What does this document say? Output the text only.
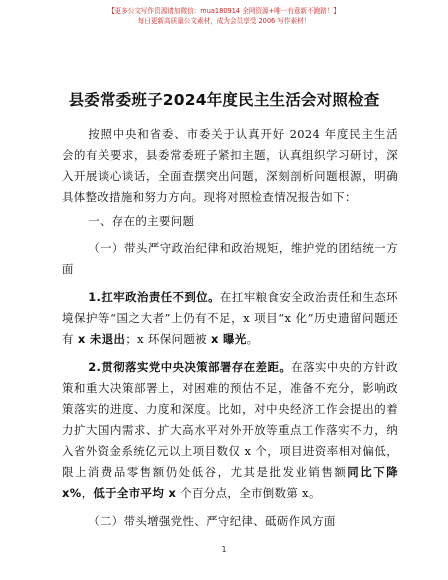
【更多公文写作资源请加微信：mua180914 全网资源+唯一有意新不跑路！】
每日更新高质量公文素材，成为会员享受 2006 写作素材！
县委常委班子2024年度民主生活会对照检查

按照中央和省委、市委关于认真开好 2024 年度民主生活会的有关要求，县委常委班子紧扣主题，认真组织学习研讨，深入开展谈心谈话，全面查摆突出问题，深刻剖析问题根源，明确具体整改措施和努力方向。现将对照检查情况报告如下：

一、存在的主要问题

（一）带头严守政治纪律和政治规矩，维护党的团结统一方面

1.扛牢政治责任不到位。在扛牢粮食安全政治责任和生态环境保护等“国之大者”上仍有不足，x 项目“x 化”历史遗留问题还有 x 未退出；x 环保问题被 x 曝光。

2.贯彻落实党中央决策部署存在差距。在落实中央的方针政策和重大决策部署上，对困难的预估不足，准备不充分，影响政策落实的进度、力度和深度。比如，对中央经济工作会提出的着力扩大国内需求、扩大高水平对外开放等重点工作落实不力，纳入省外资金系统亿元以上项目数仅 x 个，项目进资率相对偏低，限上消费品零售额仍处低谷，尤其是批发业销售额同比下降 x%，低于全市平均 x 个百分点，全市倒数第 x。

（二）带头增强党性、严守纪律、砥砺作风方面

1
